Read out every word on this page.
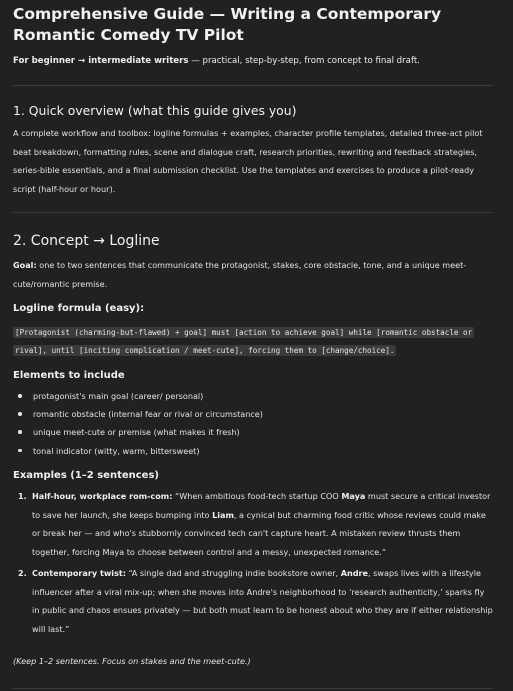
Comprehensive Guide — Writing a Contemporary Romantic Comedy TV Pilot
For beginner → intermediate writers — practical, step-by-step, from concept to final draft.
1. Quick overview (what this guide gives you)
A complete workflow and toolbox: logline formulas + examples, character profile templates, detailed three-act pilot beat breakdown, formatting rules, scene and dialogue craft, research priorities, rewriting and feedback strategies, series-bible essentials, and a final submission checklist. Use the templates and exercises to produce a pilot-ready script (half-hour or hour).
2. Concept → Logline
Goal: one to two sentences that communicate the protagonist, stakes, core obstacle, tone, and a unique meet-cute/romantic premise.
Logline formula (easy):
[Protagonist (charming-but-flawed) + goal] must [action to achieve goal] while [romantic obstacle or rival], until [inciting complication / meet-cute], forcing them to [change/choice].
Elements to include
protagonist's main goal (career/ personal)
romantic obstacle (internal fear or rival or circumstance)
unique meet-cute or premise (what makes it fresh)
tonal indicator (witty, warm, bittersweet)
Examples (1–2 sentences)
1. Half-hour, workplace rom-com: “When ambitious food-tech startup COO Maya must secure a critical investor to save her launch, she keeps bumping into Liam, a cynical but charming food critic whose reviews could make or break her — and who's stubbornly convinced tech can't capture heart. A mistaken review thrusts them together, forcing Maya to choose between control and a messy, unexpected romance.”
2. Contemporary twist: “A single dad and struggling indie bookstore owner, Andre, swaps lives with a lifestyle influencer after a viral mix-up; when she moves into Andre's neighborhood to ‘research authenticity,’ sparks fly in public and chaos ensues privately — but both must learn to be honest about who they are if either relationship will last.”
(Keep 1–2 sentences. Focus on stakes and the meet-cute.)
